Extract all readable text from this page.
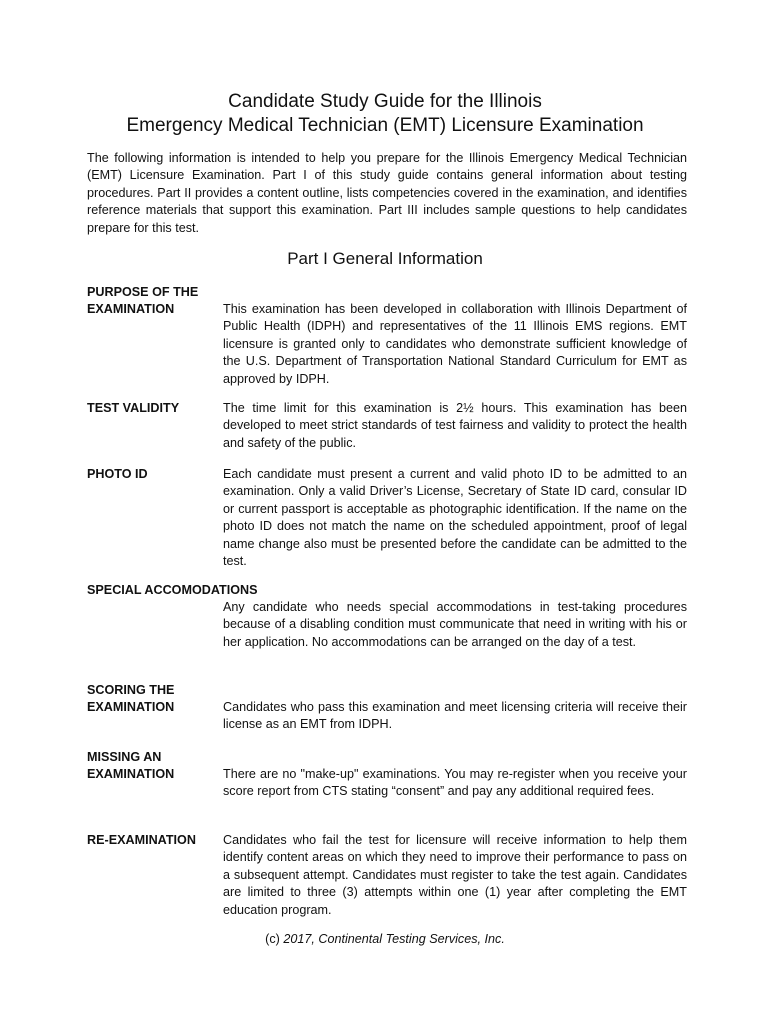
Candidate Study Guide for the Illinois
Emergency Medical Technician (EMT) Licensure Examination
The following information is intended to help you prepare for the Illinois Emergency Medical Technician (EMT) Licensure Examination. Part I of this study guide contains general information about testing procedures. Part II provides a content outline, lists competencies covered in the examination, and identifies reference materials that support this examination. Part III includes sample questions to help candidates prepare for this test.
Part I General Information
PURPOSE OF THE
EXAMINATION	This examination has been developed in collaboration with Illinois Department of Public Health (IDPH) and representatives of the 11 Illinois EMS regions. EMT licensure is granted only to candidates who demonstrate sufficient knowledge of the U.S. Department of Transportation National Standard Curriculum for EMT as approved by IDPH.
TEST VALIDITY	The time limit for this examination is 2½ hours. This examination has been developed to meet strict standards of test fairness and validity to protect the health and safety of the public.
PHOTO ID	Each candidate must present a current and valid photo ID to be admitted to an examination. Only a valid Driver’s License, Secretary of State ID card, consular ID or current passport is acceptable as photographic identification. If the name on the photo ID does not match the name on the scheduled appointment, proof of legal name change also must be presented before the candidate can be admitted to the test.
SPECIAL ACCOMODATIONS
Any candidate who needs special accommodations in test-taking procedures because of a disabling condition must communicate that need in writing with his or her application. No accommodations can be arranged on the day of a test.
SCORING THE
EXAMINATION	Candidates who pass this examination and meet licensing criteria will receive their license as an EMT from IDPH.
MISSING AN
EXAMINATION	There are no "make-up" examinations. You may re-register when you receive your score report from CTS stating “consent” and pay any additional required fees.
RE-EXAMINATION Candidates who fail the test for licensure will receive information to help them identify content areas on which they need to improve their performance to pass on a subsequent attempt. Candidates must register to take the test again. Candidates are limited to three (3) attempts within one (1) year after completing the EMT education program.
(c) 2017, Continental Testing Services, Inc.
